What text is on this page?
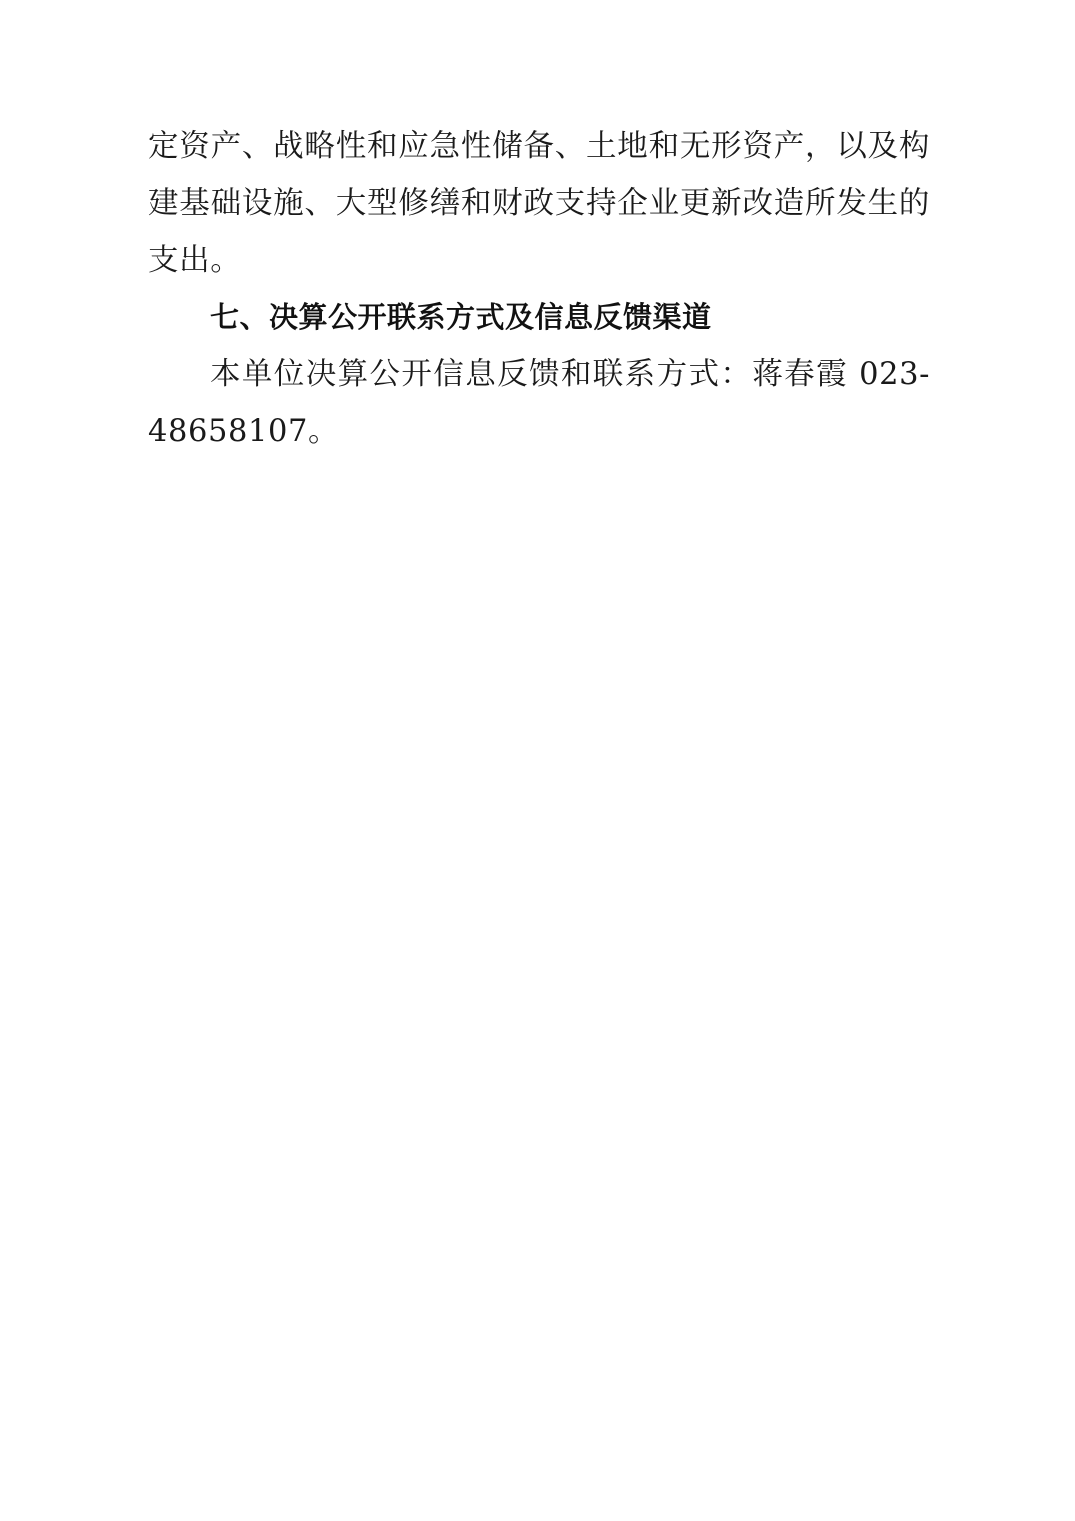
定资产、战略性和应急性储备、土地和无形资产，以及构建基础设施、大型修缮和财政支持企业更新改造所发生的支出。

七、决算公开联系方式及信息反馈渠道

本单位决算公开信息反馈和联系方式：蒋春霞 023-48658107。
